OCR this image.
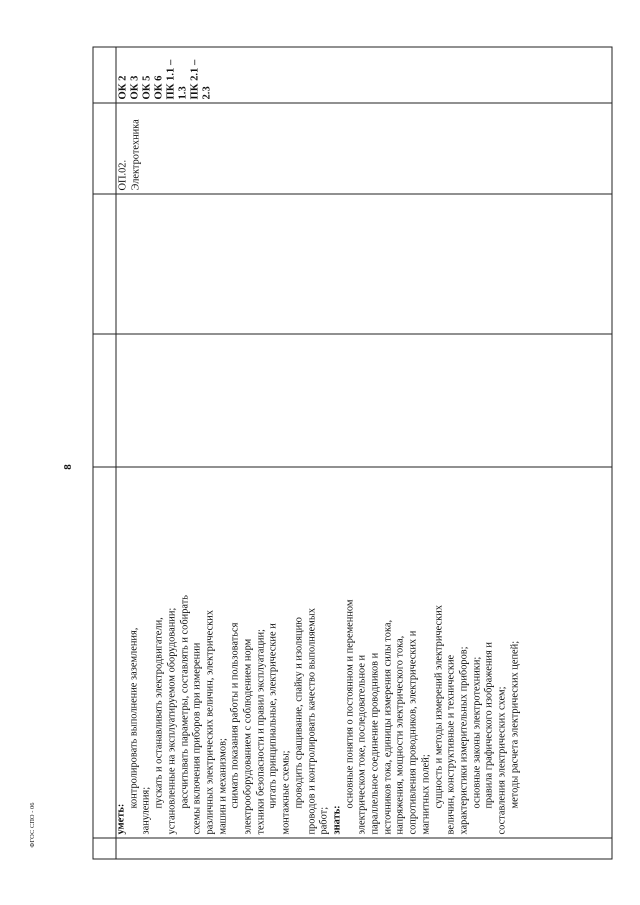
8
ФГОС СПО - 06	уметь:

контролировать выполнение заземления,

зануления;

пускать и останавливать электродвигатели, установленные на эксплуатируемом оборудовании; рассчитывать параметры, составлять и собирать схемы включения приборов при измерении различных электрических величин, электрических машин и механизмов; снимать показания работы и пользоваться электрооборудованием с соблюдением норм техники безопасности и правил эксплуатации; читать принципиальные, электрические и монтажные схемы; проводить сращивание, спайку и изоляцию проводов и контролировать качество выполняемых работ; знать:

основные понятия о постоянном и переменном электрическом токе, последовательное и параллельное соединение проводников и источников тока, единицы измерения силы тока, напряжения, мощности электрического тока, сопротивления проводников, электрических и магнитных полей; сущность и методы измерений электрических величин, конструктивные и технические характеристики измерительных приборов; основные законы электротехники; правила графического изображения и составления электрических схем; методы расчета электрических цепей;

ОП.02. Электротехника

ОК 2 ОК 3 ОК 5 ОК 6 ПК 1.1 – 1.3 ПК 2.1 – 2.3
